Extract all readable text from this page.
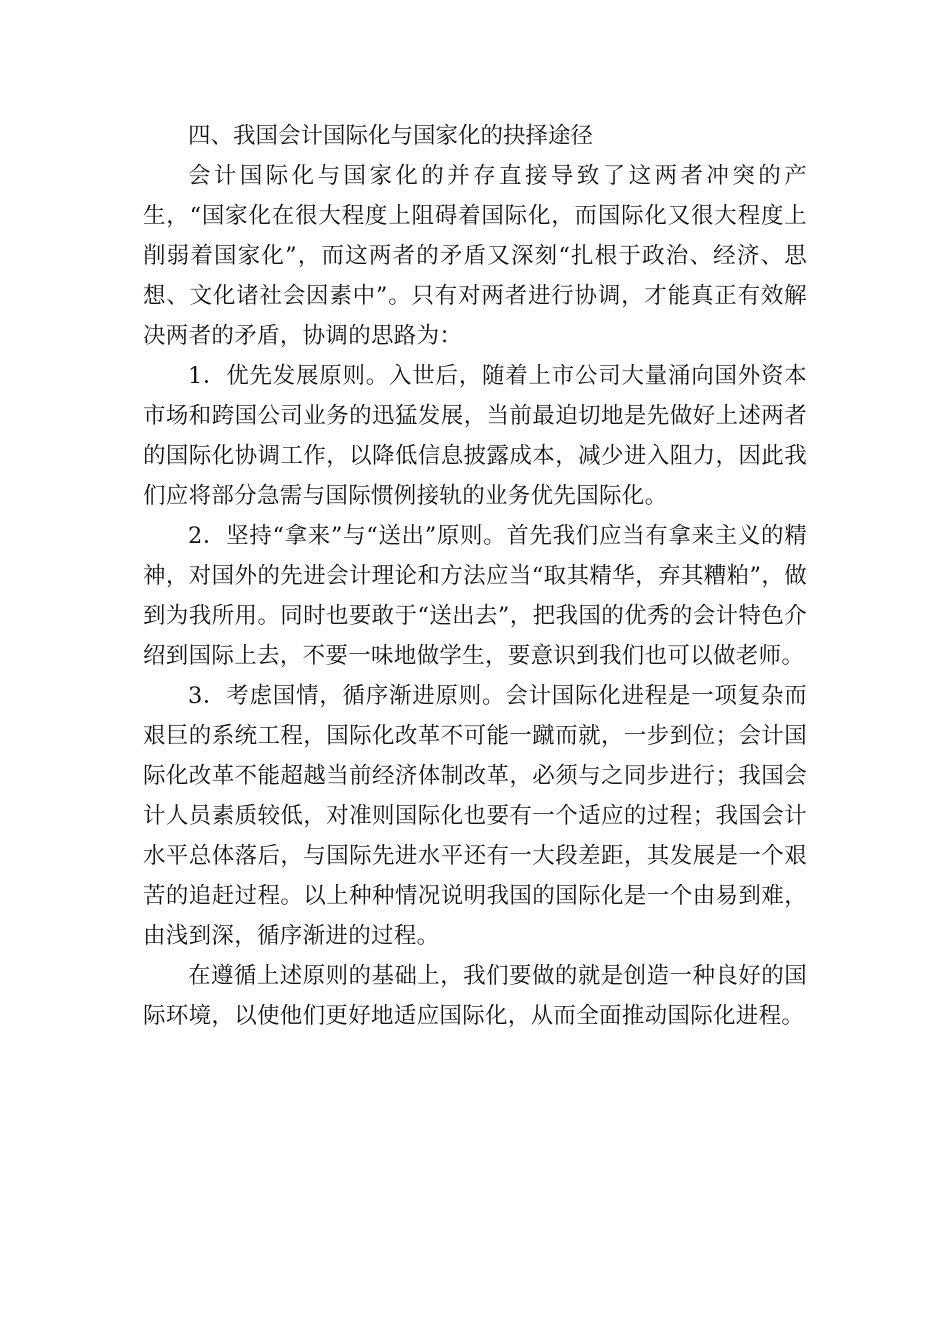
四、我国会计国际化与国家化的抉择途径

会计国际化与国家化的并存直接导致了这两者冲突的产生，“国家化在很大程度上阻碍着国际化，而国际化又很大程度上削弱着国家化”，而这两者的矛盾又深刻“扎根于政治、经济、思想、文化诸社会因素中”。只有对两者进行协调，才能真正有效解决两者的矛盾，协调的思路为：

1．优先发展原则。入世后，随着上市公司大量涌向国外资本市场和跨国公司业务的迅猛发展，当前最迫切地是先做好上述两者的国际化协调工作，以降低信息披露成本，减少进入阻力，因此我们应将部分急需与国际惯例接轨的业务优先国际化。

2．坚持“拿来”与“送出”原则。首先我们应当有拿来主义的精神，对国外的先进会计理论和方法应当“取其精华，弃其糟粕”，做到为我所用。同时也要敢于“送出去”，把我国的优秀的会计特色介绍到国际上去，不要一味地做学生，要意识到我们也可以做老师。

3．考虑国情，循序渐进原则。会计国际化进程是一项复杂而艰巨的系统工程，国际化改革不可能一蹴而就，一步到位；会计国际化改革不能超越当前经济体制改革，必须与之同步进行；我国会计人员素质较低，对准则国际化也要有一个适应的过程；我国会计水平总体落后，与国际先进水平还有一大段差距，其发展是一个艰苦的追赶过程。以上种种情况说明我国的国际化是一个由易到难，由浅到深，循序渐进的过程。

在遵循上述原则的基础上，我们要做的就是创造一种良好的国际环境，以使他们更好地适应国际化，从而全面推动国际化进程。
